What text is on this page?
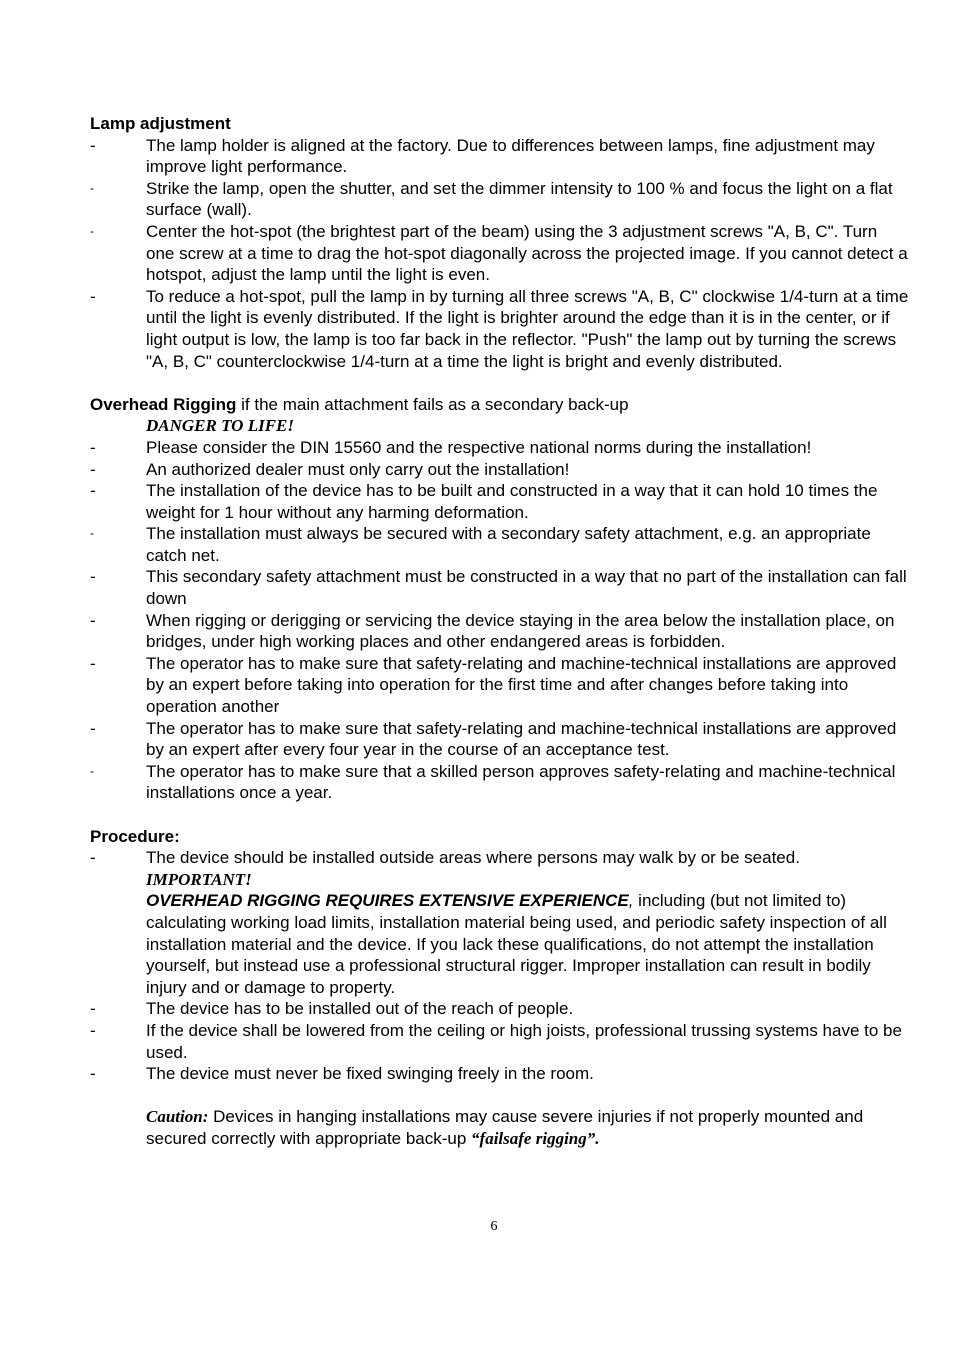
Lamp adjustment

-	The lamp holder is aligned at the factory. Due to differences between lamps, fine adjustment may improve light performance.
-	Strike the lamp, open the shutter, and set the dimmer intensity to 100 % and focus the light on a flat surface (wall).
-	Center the hot-spot (the brightest part of the beam) using the 3 adjustment screws "A, B, C". Turn one screw at a time to drag the hot-spot diagonally across the projected image. If you cannot detect a hotspot, adjust the lamp until the light is even.
-	To reduce a hot-spot, pull the lamp in by turning all three screws "A, B, C" clockwise 1/4-turn at a time until the light is evenly distributed. If the light is brighter around the edge than it is in the center, or if light output is low, the lamp is too far back in the reflector. "Push" the lamp out by turning the screws "A, B, C" counterclockwise 1/4-turn at a time the light is bright and evenly distributed.

Overhead Rigging if the main attachment fails as a secondary back-up

DANGER TO LIFE!

-	Please consider the DIN 15560 and the respective national norms during the installation!
-	An authorized dealer must only carry out the installation!
-	The installation of the device has to be built and constructed in a way that it can hold 10 times the weight for 1 hour without any harming deformation.
-	The installation must always be secured with a secondary safety attachment, e.g. an appropriate catch net.
-	This secondary safety attachment must be constructed in a way that no part of the installation can fall down
-	When rigging or derigging or servicing the device staying in the area below the installation place, on bridges, under high working places and other endangered areas is forbidden.
-	The operator has to make sure that safety-relating and machine-technical installations are approved by an expert before taking into operation for the first time and after changes before taking into operation another
-	The operator has to make sure that safety-relating and machine-technical installations are approved by an expert after every four year in the course of an acceptance test.
-	The operator has to make sure that a skilled person approves safety-relating and machine-technical installations once a year.

Procedure:

-	The device should be installed outside areas where persons may walk by or be seated.

IMPORTANT!

OVERHEAD RIGGING REQUIRES EXTENSIVE EXPERIENCE, including (but not limited to) calculating working load limits, installation material being used, and periodic safety inspection of all installation material and the device. If you lack these qualifications, do not attempt the installation yourself, but instead use a professional structural rigger. Improper installation can result in bodily injury and or damage to property.

-	The device has to be installed out of the reach of people.
-	If the device shall be lowered from the ceiling or high joists, professional trussing systems have to be used.
-	The device must never be fixed swinging freely in the room.

Caution: Devices in hanging installations may cause severe injuries if not properly mounted and secured correctly with appropriate back-up “failsafe rigging”.

6
